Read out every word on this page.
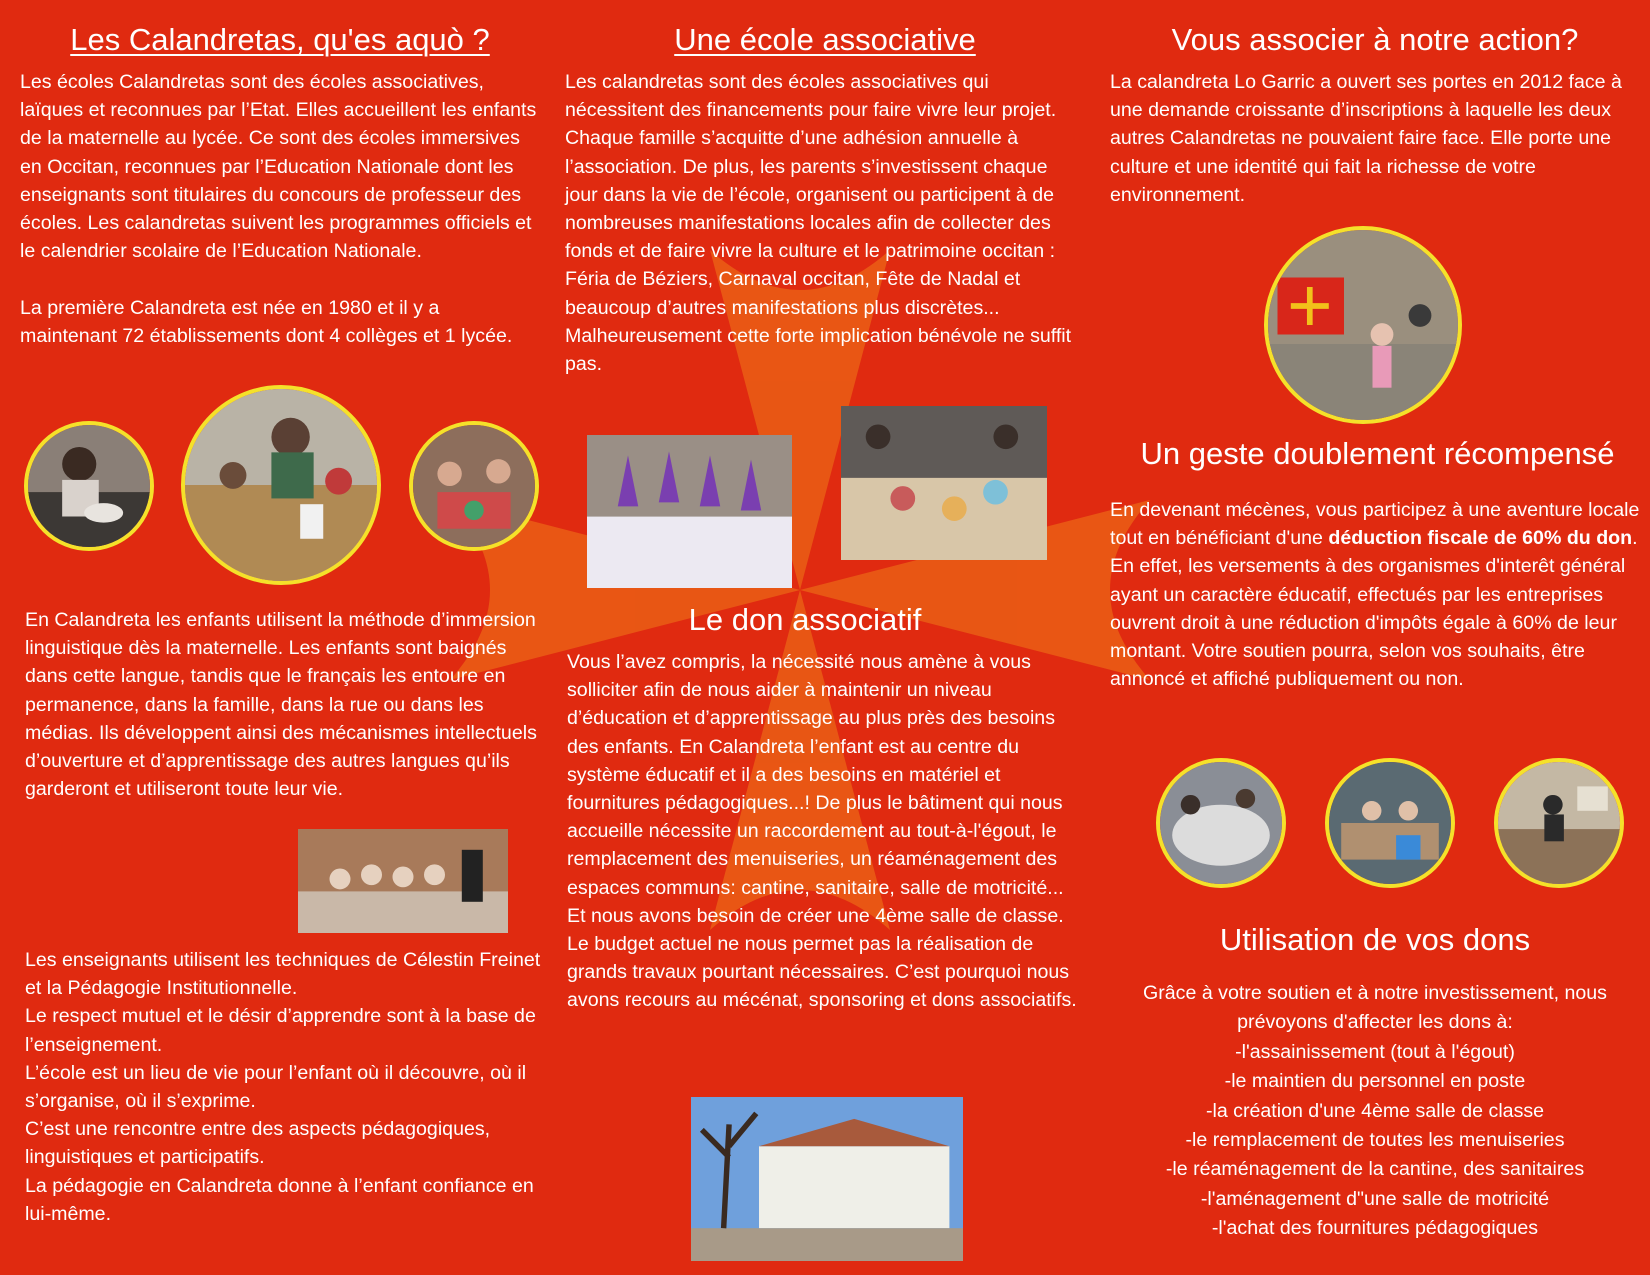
Les Calandretas, qu'es aquò ?

Les écoles Calandretas sont des écoles associatives, laïques et reconnues par l’Etat. Elles accueillent les enfants de la maternelle au lycée. Ce sont des écoles immersives en Occitan, reconnues par l’Education Nationale dont les enseignants sont titulaires du concours de professeur des écoles. Les calandretas suivent les programmes officiels et le calendrier scolaire de l’Education Nationale.

La première Calandreta est née en 1980 et il y a maintenant 72 établissements dont 4 collèges et 1 lycée.

En Calandreta les enfants utilisent la méthode d’immersion linguistique dès la maternelle. Les enfants sont baignés dans cette langue, tandis que le français les entoure en permanence, dans la famille, dans la rue ou dans les médias. Ils développent ainsi des mécanismes intellectuels d’ouverture et d’apprentissage des autres langues qu’ils garderont et utiliseront toute leur vie.

Les enseignants utilisent les techniques de Célestin Freinet et la Pédagogie Institutionnelle.
Le respect mutuel et le désir d’apprendre sont à la base de l’enseignement.
L’école est un lieu de vie pour l’enfant où il découvre, où il s’organise, où il s’exprime.
C’est une rencontre entre des aspects pédagogiques, linguistiques et participatifs.
La pédagogie en Calandreta donne à l’enfant confiance en lui-même.
Une école associative

Les calandretas sont des écoles associatives qui nécessitent des financements pour faire vivre leur projet. Chaque famille s’acquitte d’une adhésion annuelle à l’association. De plus, les parents s’investissent chaque jour dans la vie de l’école, organisent ou participent à de nombreuses manifestations locales afin de collecter des fonds et de faire vivre la culture et le patrimoine occitan : Féria de Béziers, Carnaval occitan, Fête de Nadal et beaucoup d’autres manifestations plus discrètes... Malheureusement cette forte implication bénévole ne suffit pas.

Le don associatif

Vous l’avez compris, la nécessité nous amène à vous solliciter afin de nous aider à maintenir un niveau d’éducation et d’apprentissage au plus près des besoins des enfants. En Calandreta l’enfant est au centre du système éducatif et il a des besoins en matériel et fournitures pédagogiques...! De plus le bâtiment qui nous accueille nécessite un raccordement au tout-à-l'égout, le remplacement des menuiseries, un réaménagement des espaces communs: cantine, sanitaire, salle de motricité... Et nous avons besoin de créer une 4ème salle de classe. Le budget actuel ne nous permet pas la réalisation de grands travaux pourtant nécessaires. C’est pourquoi nous avons recours au mécénat, sponsoring et dons associatifs.

Vous associer à notre action?

La calandreta Lo Garric a ouvert ses portes en 2012 face à une demande croissante d’inscriptions à laquelle les deux autres Calandretas ne pouvaient faire face. Elle porte une culture et une identité qui fait la richesse de votre environnement.

Un geste doublement récompensé

En devenant mécènes, vous participez à une aventure locale tout en bénéficiant d'une déduction fiscale de 60% du don. En effet, les versements à des organismes d'interêt général ayant un caractère éducatif, effectués par les entreprises ouvrent droit à une réduction d'impôts égale à 60% de leur montant. Votre soutien pourra, selon vos souhaits, être annoncé et affiché publiquement ou non.

Utilisation de vos dons
Grâce à votre soutien et à notre investissement, nous prévoyons d'affecter les dons à:
-l'assainissement (tout à l'égout)
-le maintien du personnel en poste
-la création d'une 4ème salle de classe
-le remplacement de toutes les menuiseries
-le réaménagement de la cantine, des sanitaires
-l'aménagement d"une salle de motricité
-l'achat des fournitures pédagogiques
